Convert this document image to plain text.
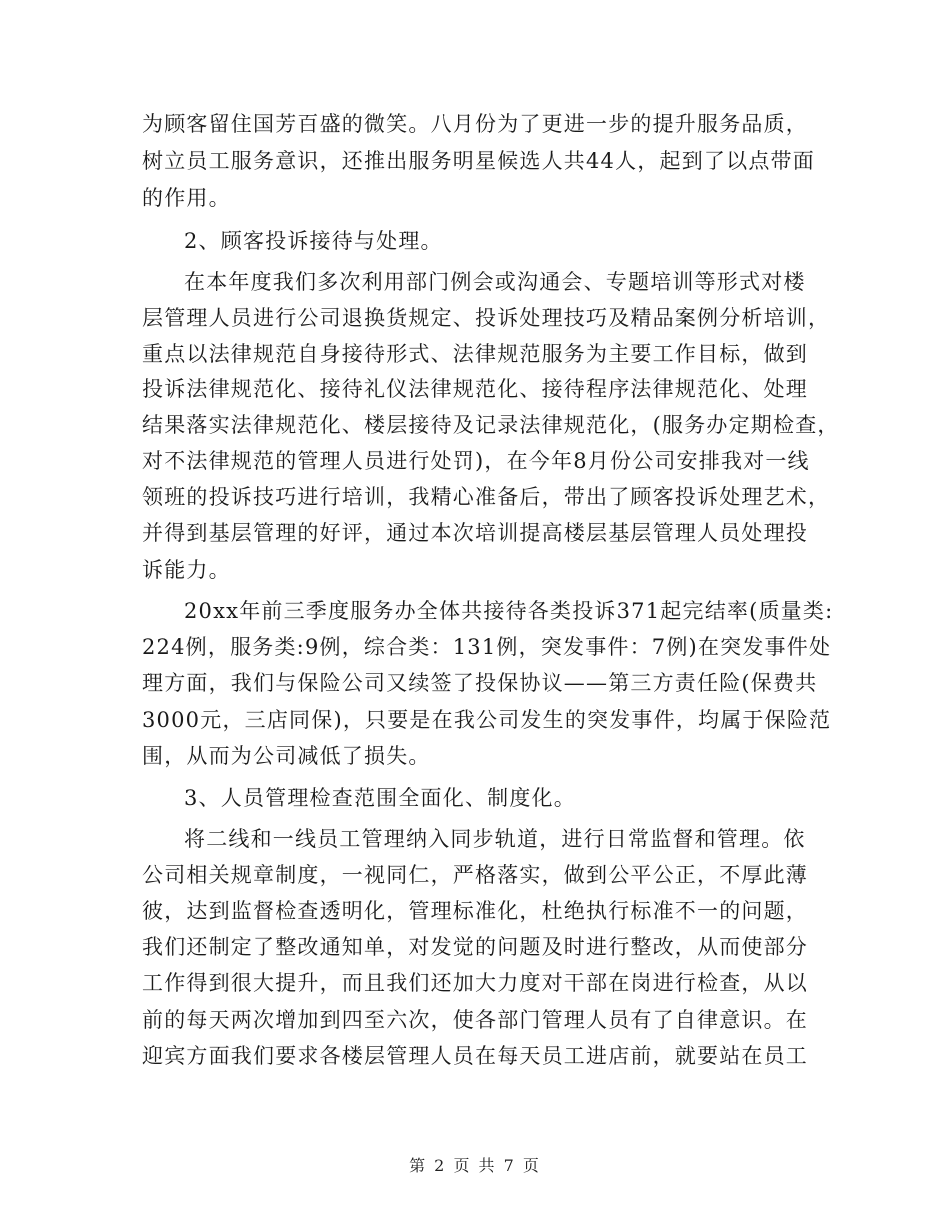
为顾客留住国芳百盛的微笑。八月份为了更进一步的提升服务品质，
树立员工服务意识，还推出服务明星候选人共44人，起到了以点带面
的作用。
2、顾客投诉接待与处理。
在本年度我们多次利用部门例会或沟通会、专题培训等形式对楼
层管理人员进行公司退换货规定、投诉处理技巧及精品案例分析培训，
重点以法律规范自身接待形式、法律规范服务为主要工作目标，做到
投诉法律规范化、接待礼仪法律规范化、接待程序法律规范化、处理
结果落实法律规范化、楼层接待及记录法律规范化，(服务办定期检查，
对不法律规范的管理人员进行处罚)，在今年8月份公司安排我对一线
领班的投诉技巧进行培训，我精心准备后，带出了顾客投诉处理艺术，
并得到基层管理的好评，通过本次培训提高楼层基层管理人员处理投
诉能力。
20xx年前三季度服务办全体共接待各类投诉371起完结率(质量类:
224例，服务类:9例，综合类：131例，突发事件：7例)在突发事件处
理方面，我们与保险公司又续签了投保协议——第三方责任险(保费共
3000元，三店同保)，只要是在我公司发生的突发事件，均属于保险范
围，从而为公司减低了损失。
3、人员管理检查范围全面化、制度化。
将二线和一线员工管理纳入同步轨道，进行日常监督和管理。依
公司相关规章制度，一视同仁，严格落实，做到公平公正，不厚此薄
彼，达到监督检查透明化，管理标准化，杜绝执行标准不一的问题，
我们还制定了整改通知单，对发觉的问题及时进行整改，从而使部分
工作得到很大提升，而且我们还加大力度对干部在岗进行检查，从以
前的每天两次增加到四至六次，使各部门管理人员有了自律意识。在
迎宾方面我们要求各楼层管理人员在每天员工进店前，就要站在员工
第 2 页 共 7 页
